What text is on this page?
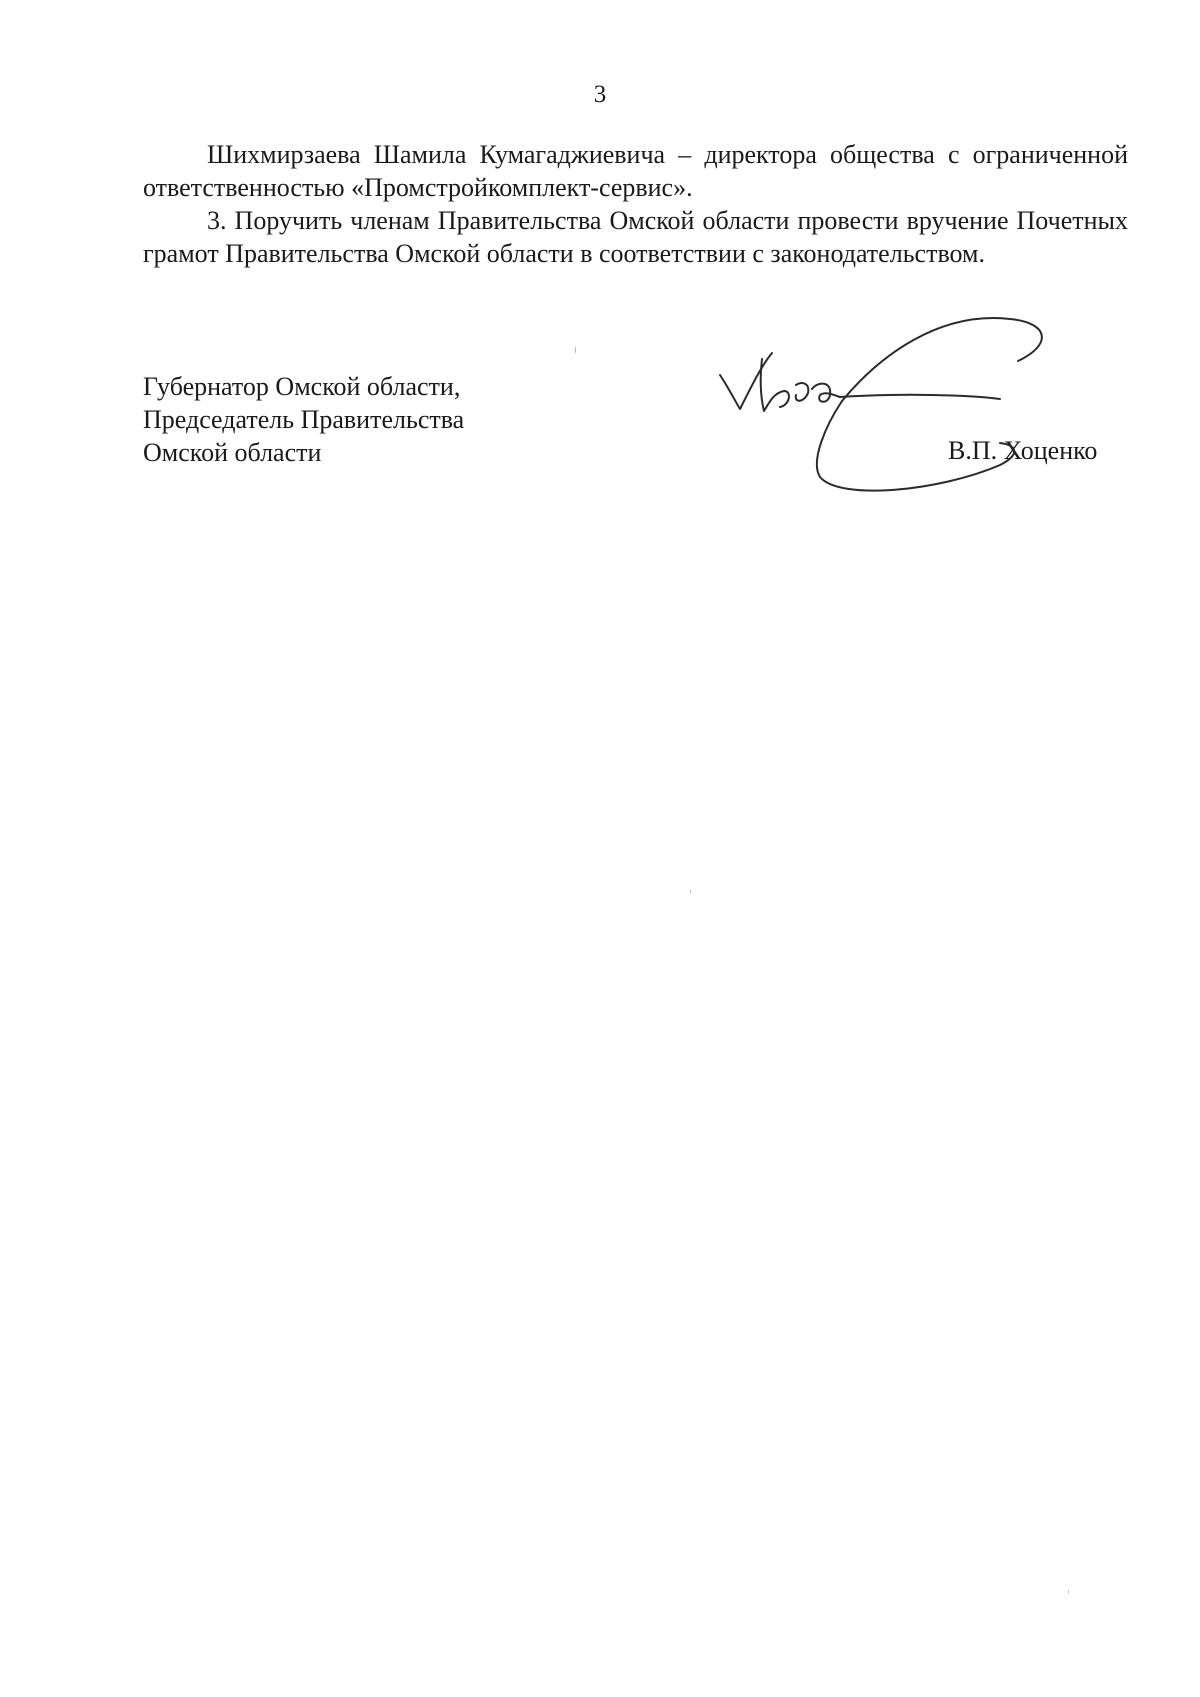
3

Шихмирзаева Шамила Кумагаджиевича – директора общества с ограниченной ответственностью «Промстройкомплект-сервис».

3. Поручить членам Правительства Омской области провести вручение Почетных грамот Правительства Омской области в соответствии с законодательством.

Губернатор Омской области,
Председатель Правительства
Омской области	В.П. Хоценко
